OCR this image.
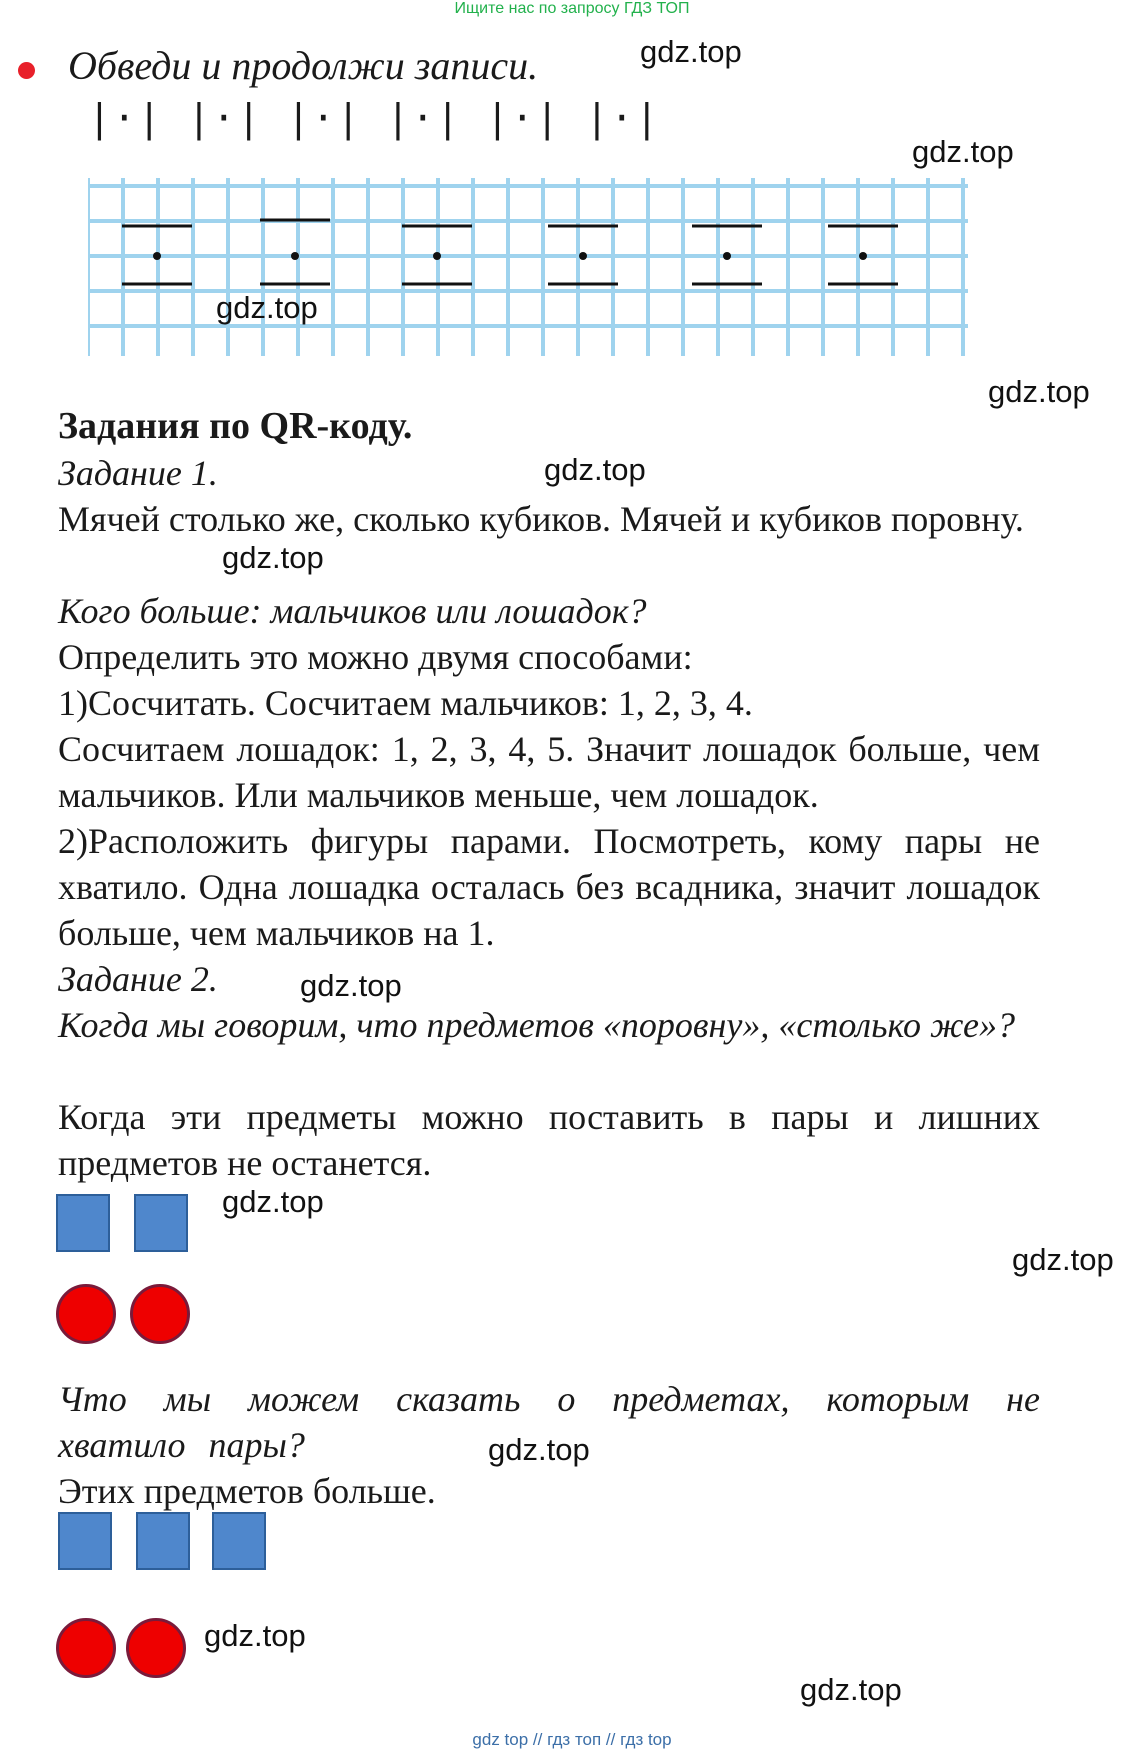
Ищите нас по запросу ГДЗ ТОП
Обведи и продолжи записи.
|·| |·| |·| |·| |·| |·|
Задания по QR-коду.
Задание 1.
Мячей столько же, сколько кубиков. Мячей и кубиков поровну.
Кого больше: мальчиков или лошадок?
Определить это можно двумя способами:
1)Сосчитать. Сосчитаем мальчиков: 1, 2, 3, 4.
Сосчитаем лошадок: 1, 2, 3, 4, 5. Значит лошадок больше, чем мальчиков. Или мальчиков меньше, чем лошадок.
2)Расположить фигуры парами. Посмотреть, кому пары не хватило. Одна лошадка осталась без всадника, значит лошадок больше, чем мальчиков на 1.
Задание 2.
Когда мы говорим, что предметов «поровну», «столько же»?
Когда эти предметы можно поставить в пары и лишних предметов не останется.
Что мы можем сказать о предметах, которым не хватило пары?
Этих предметов больше.
gdz.top
gdz.top
gdz.top
gdz.top
gdz.top
gdz.top
gdz.top
gdz.top
gdz.top
gdz.top
gdz.top
gdz.top
gdz top // гдз топ // гдз top
